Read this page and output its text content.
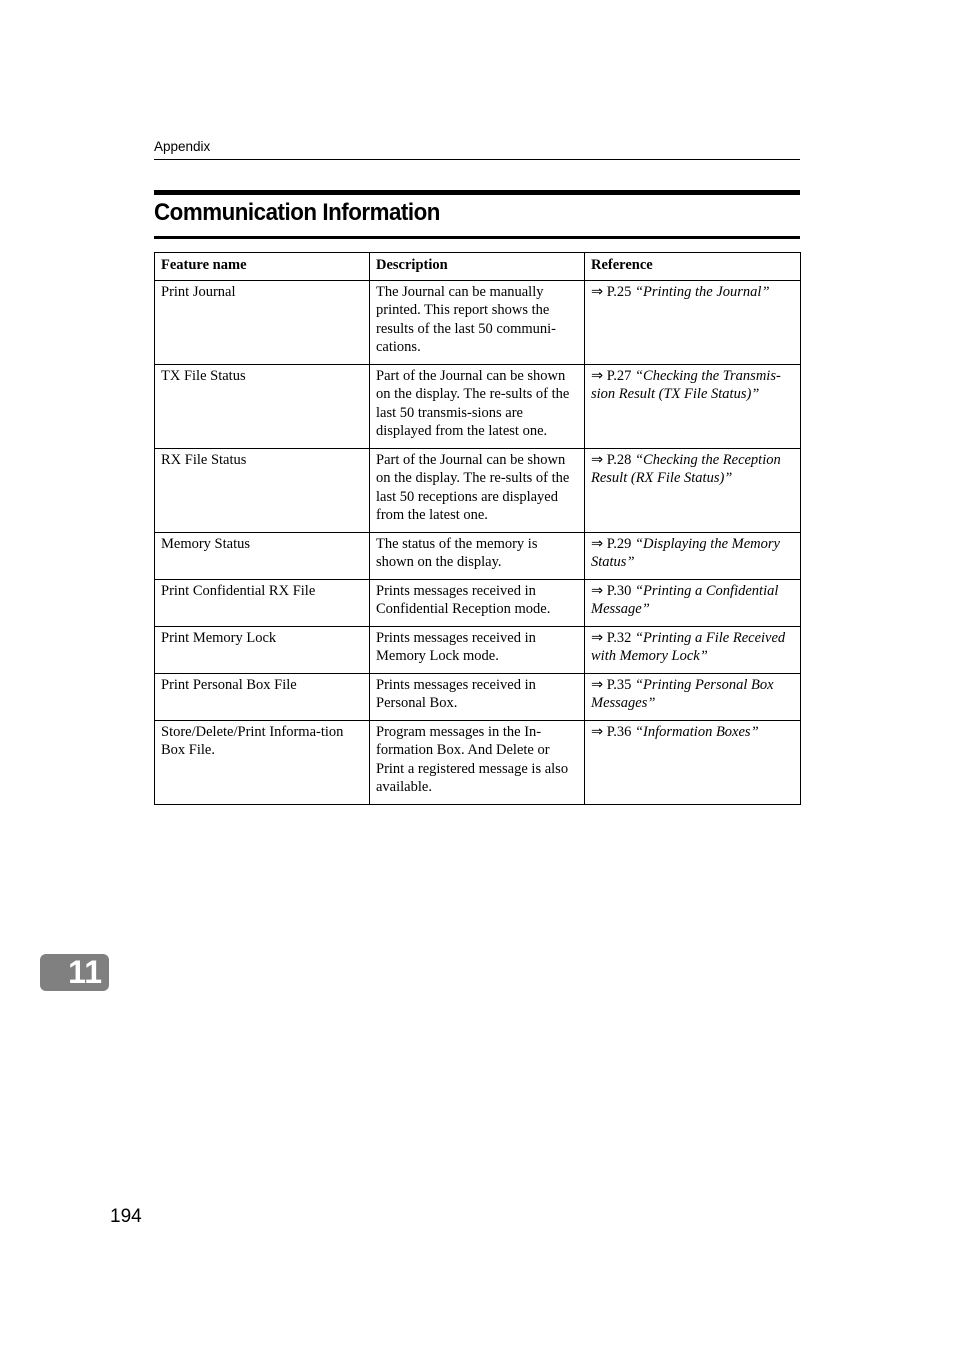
Appendix
Communication Information
Feature name	Description	Reference
Print Journal	The Journal can be manually printed. This report shows the results of the last 50 communi-cations.	⇒ P.25 “Printing the Journal”
TX File Status	Part of the Journal can be shown on the display. The re-sults of the last 50 transmis-sions are displayed from the latest one.	⇒ P.27 “Checking the Transmis-sion Result (TX File Status)”
RX File Status	Part of the Journal can be shown on the display. The re-sults of the last 50 receptions are displayed from the latest one.	⇒ P.28 “Checking the Reception Result (RX File Status)”
Memory Status	The status of the memory is shown on the display.	⇒ P.29 “Displaying the Memory Status”
Print Confidential RX File	Prints messages received in Confidential Reception mode.	⇒ P.30 “Printing a Confidential Message”
Print Memory Lock	Prints messages received in Memory Lock mode.	⇒ P.32 “Printing a File Received with Memory Lock”
Print Personal Box File	Prints messages received in Personal Box.	⇒ P.35 “Printing Personal Box Messages”
Store/Delete/Print Informa-tion Box File.	Program messages in the In-formation Box. And Delete or Print a registered message is also available.	⇒ P.36 “Information Boxes”
11
194
